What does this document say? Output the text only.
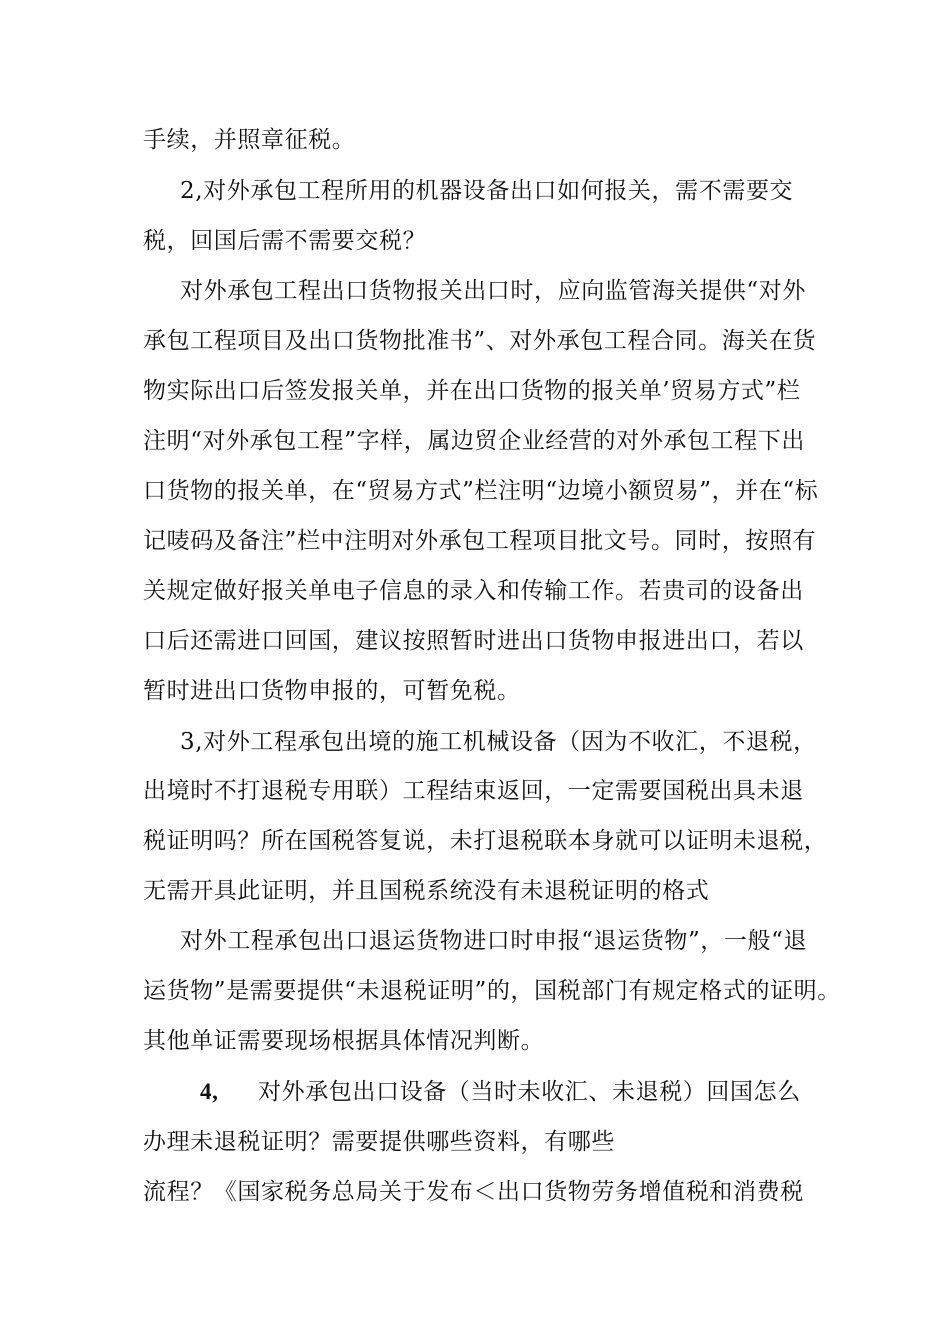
手续，并照章征税。

2,对外承包工程所用的机器设备出口如何报关，需不需要交

税，回国后需不需要交税？

对外承包工程出口货物报关出口时，应向监管海关提供“对外

承包工程项目及出口货物批准书”、对外承包工程合同。海关在货

物实际出口后签发报关单，并在出口货物的报关单’贸易方式”栏

注明“对外承包工程”字样，属边贸企业经营的对外承包工程下出

口货物的报关单，在“贸易方式”栏注明“边境小额贸易”，并在“标

记唛码及备注”栏中注明对外承包工程项目批文号。同时，按照有

关规定做好报关单电子信息的录入和传输工作。若贵司的设备出

口后还需进口回国，建议按照暂时进出口货物申报进出口，若以

暂时进出口货物申报的，可暂免税。

3,对外工程承包出境的施工机械设备（因为不收汇，不退税，

出境时不打退税专用联）工程结束返回，一定需要国税出具未退

税证明吗？所在国税答复说，未打退税联本身就可以证明未退税，

无需开具此证明，并且国税系统没有未退税证明的格式

对外工程承包出口退运货物进口时申报“退运货物”，一般“退

运货物”是需要提供“未退税证明”的，国税部门有规定格式的证明。

其他单证需要现场根据具体情况判断。

4, 对外承包出口设备（当时未收汇、未退税）回国怎么

办理未退税证明？需要提供哪些资料，有哪些

流程？《国家税务总局关于发布＜出口货物劳务增值税和消费税
